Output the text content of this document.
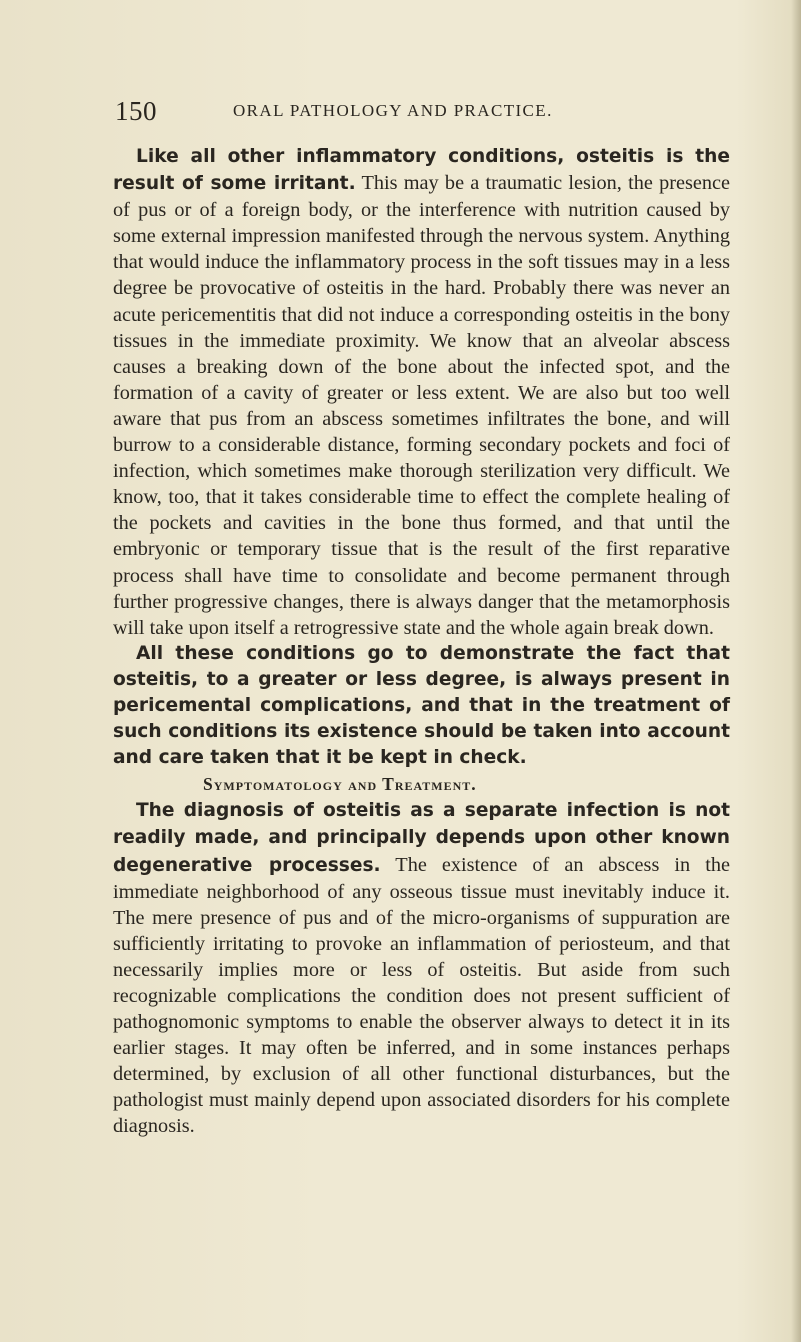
150	ORAL PATHOLOGY AND PRACTICE.

Like all other inflammatory conditions, osteitis is the result of some irritant. This may be a traumatic lesion, the presence of pus or of a foreign body, or the interference with nutrition caused by some external impression manifested through the nervous system. Anything that would induce the inflammatory process in the soft tissues may in a less degree be provocative of osteitis in the hard. Probably there was never an acute pericementitis that did not induce a corresponding osteitis in the bony tissues in the immediate proximity. We know that an alveolar abscess causes a breaking down of the bone about the infected spot, and the formation of a cavity of greater or less extent. We are also but too well aware that pus from an abscess sometimes infiltrates the bone, and will burrow to a considerable distance, forming secondary pockets and foci of infection, which sometimes make thorough sterilization very difficult. We know, too, that it takes considerable time to effect the complete healing of the pockets and cavities in the bone thus formed, and that until the embryonic or temporary tissue that is the result of the first reparative process shall have time to consolidate and become permanent through further progressive changes, there is always danger that the metamorphosis will take upon itself a retrogressive state and the whole again break down.

All these conditions go to demonstrate the fact that osteitis, to a greater or less degree, is always present in pericemental complications, and that in the treatment of such conditions its existence should be taken into account and care taken that it be kept in check.

Symptomatology and Treatment.

The diagnosis of osteitis as a separate infection is not readily made, and principally depends upon other known degenerative processes. The existence of an abscess in the immediate neighborhood of any osseous tissue must inevitably induce it. The mere presence of pus and of the micro-organisms of suppuration are sufficiently irritating to provoke an inflammation of periosteum, and that necessarily implies more or less of osteitis. But aside from such recognizable complications the condition does not present sufficient of pathognomonic symptoms to enable the observer always to detect it in its earlier stages. It may often be inferred, and in some instances perhaps determined, by exclusion of all other functional disturbances, but the pathologist must mainly depend upon associated disorders for his complete diagnosis.
